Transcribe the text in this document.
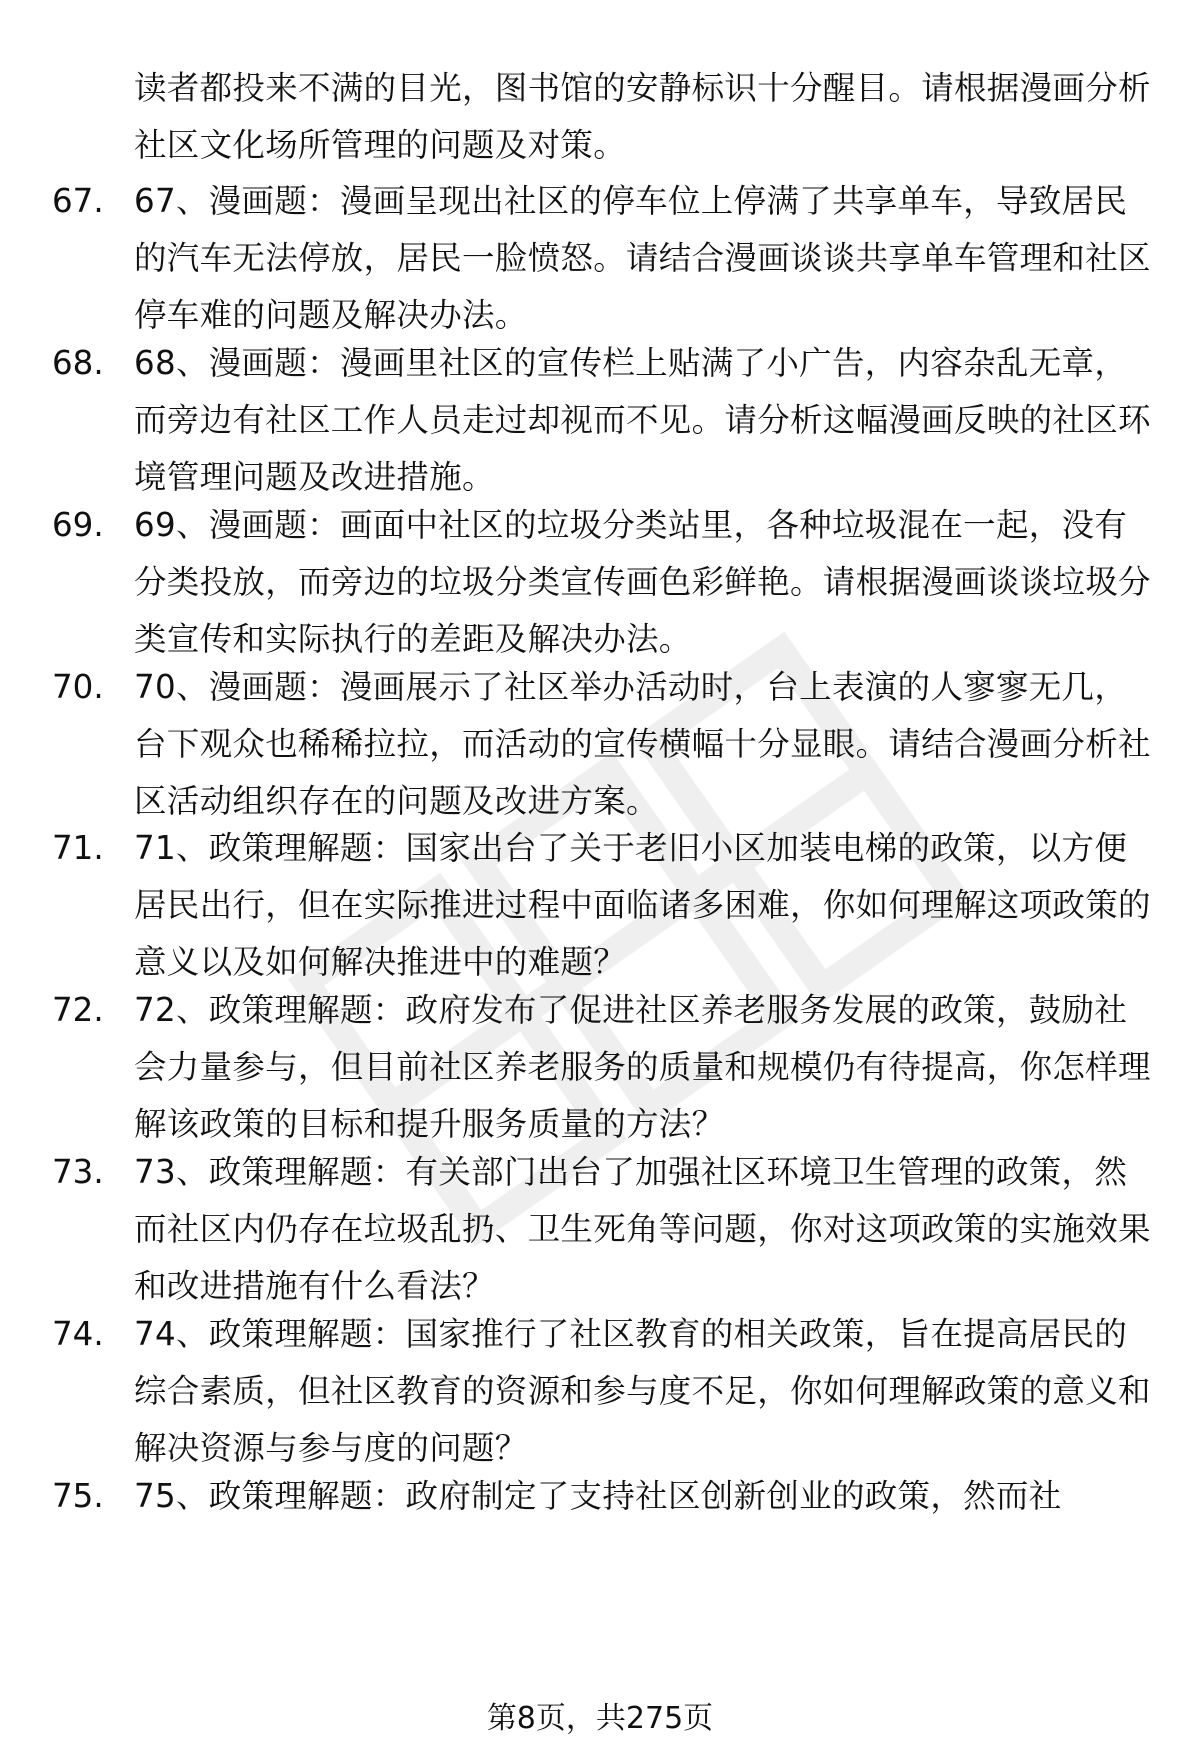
读者都投来不满的目光，图书馆的安静标识十分醒目。请根据漫画分析社区文化场所管理的问题及对策。
67. 67、漫画题：漫画呈现出社区的停车位上停满了共享单车，导致居民的汽车无法停放，居民一脸愤怒。请结合漫画谈谈共享单车管理和社区停车难的问题及解决办法。
68. 68、漫画题：漫画里社区的宣传栏上贴满了小广告，内容杂乱无章，而旁边有社区工作人员走过却视而不见。请分析这幅漫画反映的社区环境管理问题及改进措施。
69. 69、漫画题：画面中社区的垃圾分类站里，各种垃圾混在一起，没有分类投放，而旁边的垃圾分类宣传画色彩鲜艳。请根据漫画谈谈垃圾分类宣传和实际执行的差距及解决办法。
70. 70、漫画题：漫画展示了社区举办活动时，台上表演的人寥寥无几，台下观众也稀稀拉拉，而活动的宣传横幅十分显眼。请结合漫画分析社区活动组织存在的问题及改进方案。
71. 71、政策理解题：国家出台了关于老旧小区加装电梯的政策，以方便居民出行，但在实际推进过程中面临诸多困难，你如何理解这项政策的意义以及如何解决推进中的难题？
72. 72、政策理解题：政府发布了促进社区养老服务发展的政策，鼓励社会力量参与，但目前社区养老服务的质量和规模仍有待提高，你怎样理解该政策的目标和提升服务质量的方法？
73. 73、政策理解题：有关部门出台了加强社区环境卫生管理的政策，然而社区内仍存在垃圾乱扔、卫生死角等问题，你对这项政策的实施效果和改进措施有什么看法？
74. 74、政策理解题：国家推行了社区教育的相关政策，旨在提高居民的综合素质，但社区教育的资源和参与度不足，你如何理解政策的意义和解决资源与参与度的问题？
75. 75、政策理解题：政府制定了支持社区创新创业的政策，然而社
第8页，共275页
